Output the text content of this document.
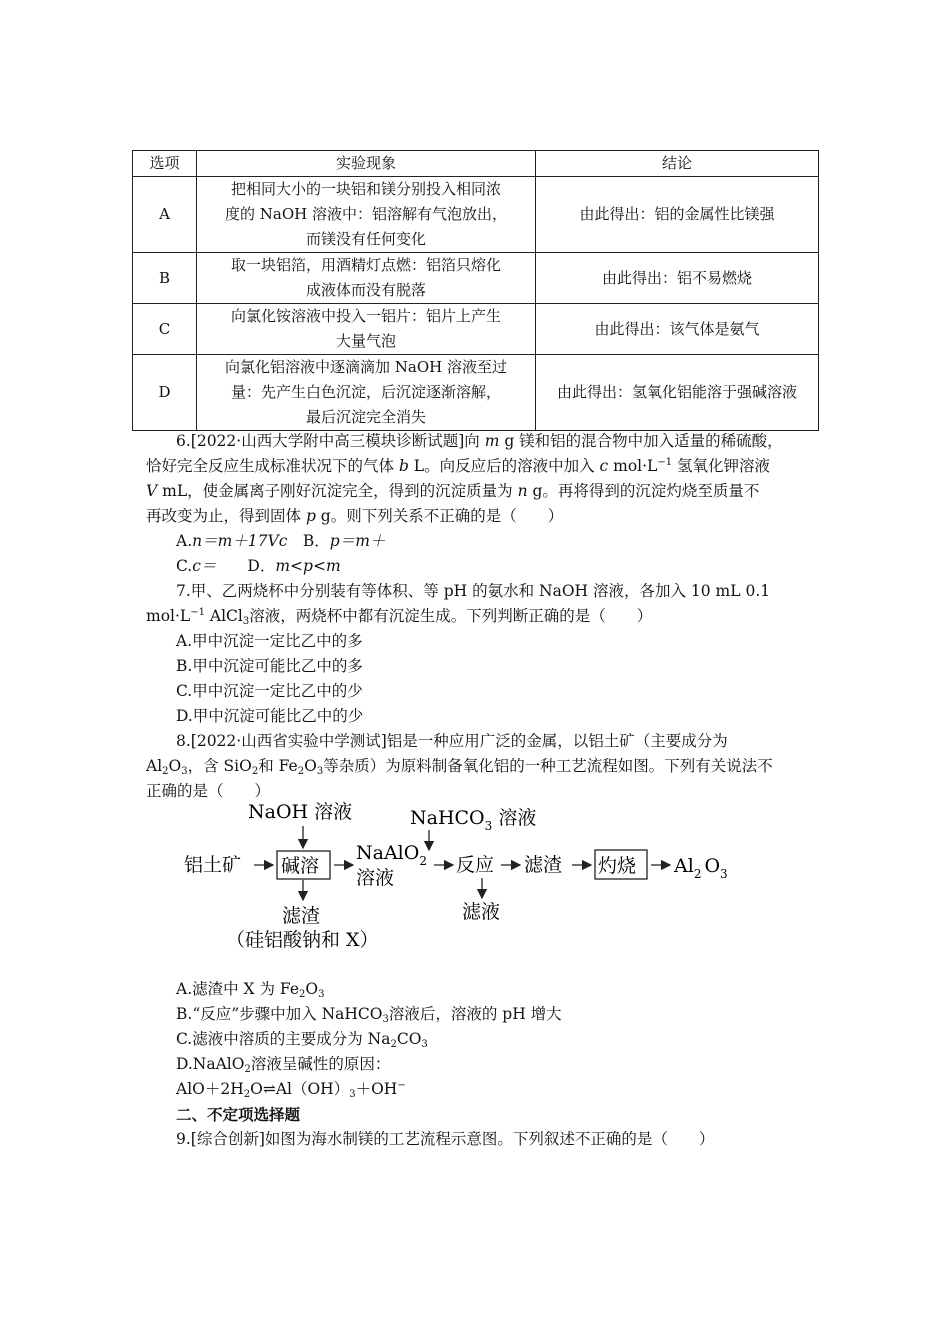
选项	实验现象	结论
A	把相同大小的一块铝和镁分别投入相同浓
度的 NaOH 溶液中：铝溶解有气泡放出，
而镁没有任何变化	由此得出：铝的金属性比镁强
B	取一块铝箔，用酒精灯点燃：铝箔只熔化
成液体而没有脱落	由此得出：铝不易燃烧
C	向氯化铵溶液中投入一铝片：铝片上产生
大量气泡	由此得出：该气体是氨气
D	向氯化铝溶液中逐滴滴加 NaOH 溶液至过
量：先产生白色沉淀，后沉淀逐渐溶解，
最后沉淀完全消失	由此得出：氢氧化铝能溶于强碱溶液
6.[2022·山西大学附中高三模块诊断试题]向 m g 镁和铝的混合物中加入适量的稀硫酸，
恰好完全反应生成标准状况下的气体 b L。向反应后的溶液中加入 c $mol\cdot L^{-1}$ 氢氧化钾溶液
V mL，使金属离子刚好沉淀完全，得到的沉淀质量为 n g。再将得到的沉淀灼烧至质量不
再改变为止，得到固体 p g。则下列关系不正确的是（　　）
A.n＝m＋17Vc　B．p＝m＋
C.c＝　　D．m<p<m
7.甲、乙两烧杯中分别装有等体积、等 pH 的氨水和 NaOH 溶液，各加入 10 mL 0.1
$mol\cdot L^{-1}$ AlCl$_3$溶液，两烧杯中都有沉淀生成。下列判断正确的是（　　）
A.甲中沉淀一定比乙中的多
B.甲中沉淀可能比乙中的多
C.甲中沉淀一定比乙中的少
D.甲中沉淀可能比乙中的少
8.[2022·山西省实验中学测试]铝是一种应用广泛的金属，以铝土矿（主要成分为
$Al_2O_3$，含 SiO$_2$和 $Fe_2O_3$等杂质）为原料制备氧化铝的一种工艺流程如图。下列有关说法不
正确的是（　　）
NaOH 溶液	NaHCO$_3$ 溶液
铝土矿 碱溶
NaAlO$_2$
溶液
反应 滤渣 灼烧 $Al_2$ $O_3$
滤渣
（硅铝酸钠和 X）
滤液
A.滤渣中 X 为 $Fe_2O_3$
B.“反应”步骤中加入 NaHCO$_3$溶液后，溶液的 pH 增大
C.滤液中溶质的主要成分为 $Na_2CO_3$
D.NaAlO$_2$溶液呈碱性的原因：
$AlO+2H_2O\rightleftharpoons Al(OH)_3+OH^-$
二、不定项选择题
9.[综合创新]如图为海水制镁的工艺流程示意图。下列叙述不正确的是（　　）
